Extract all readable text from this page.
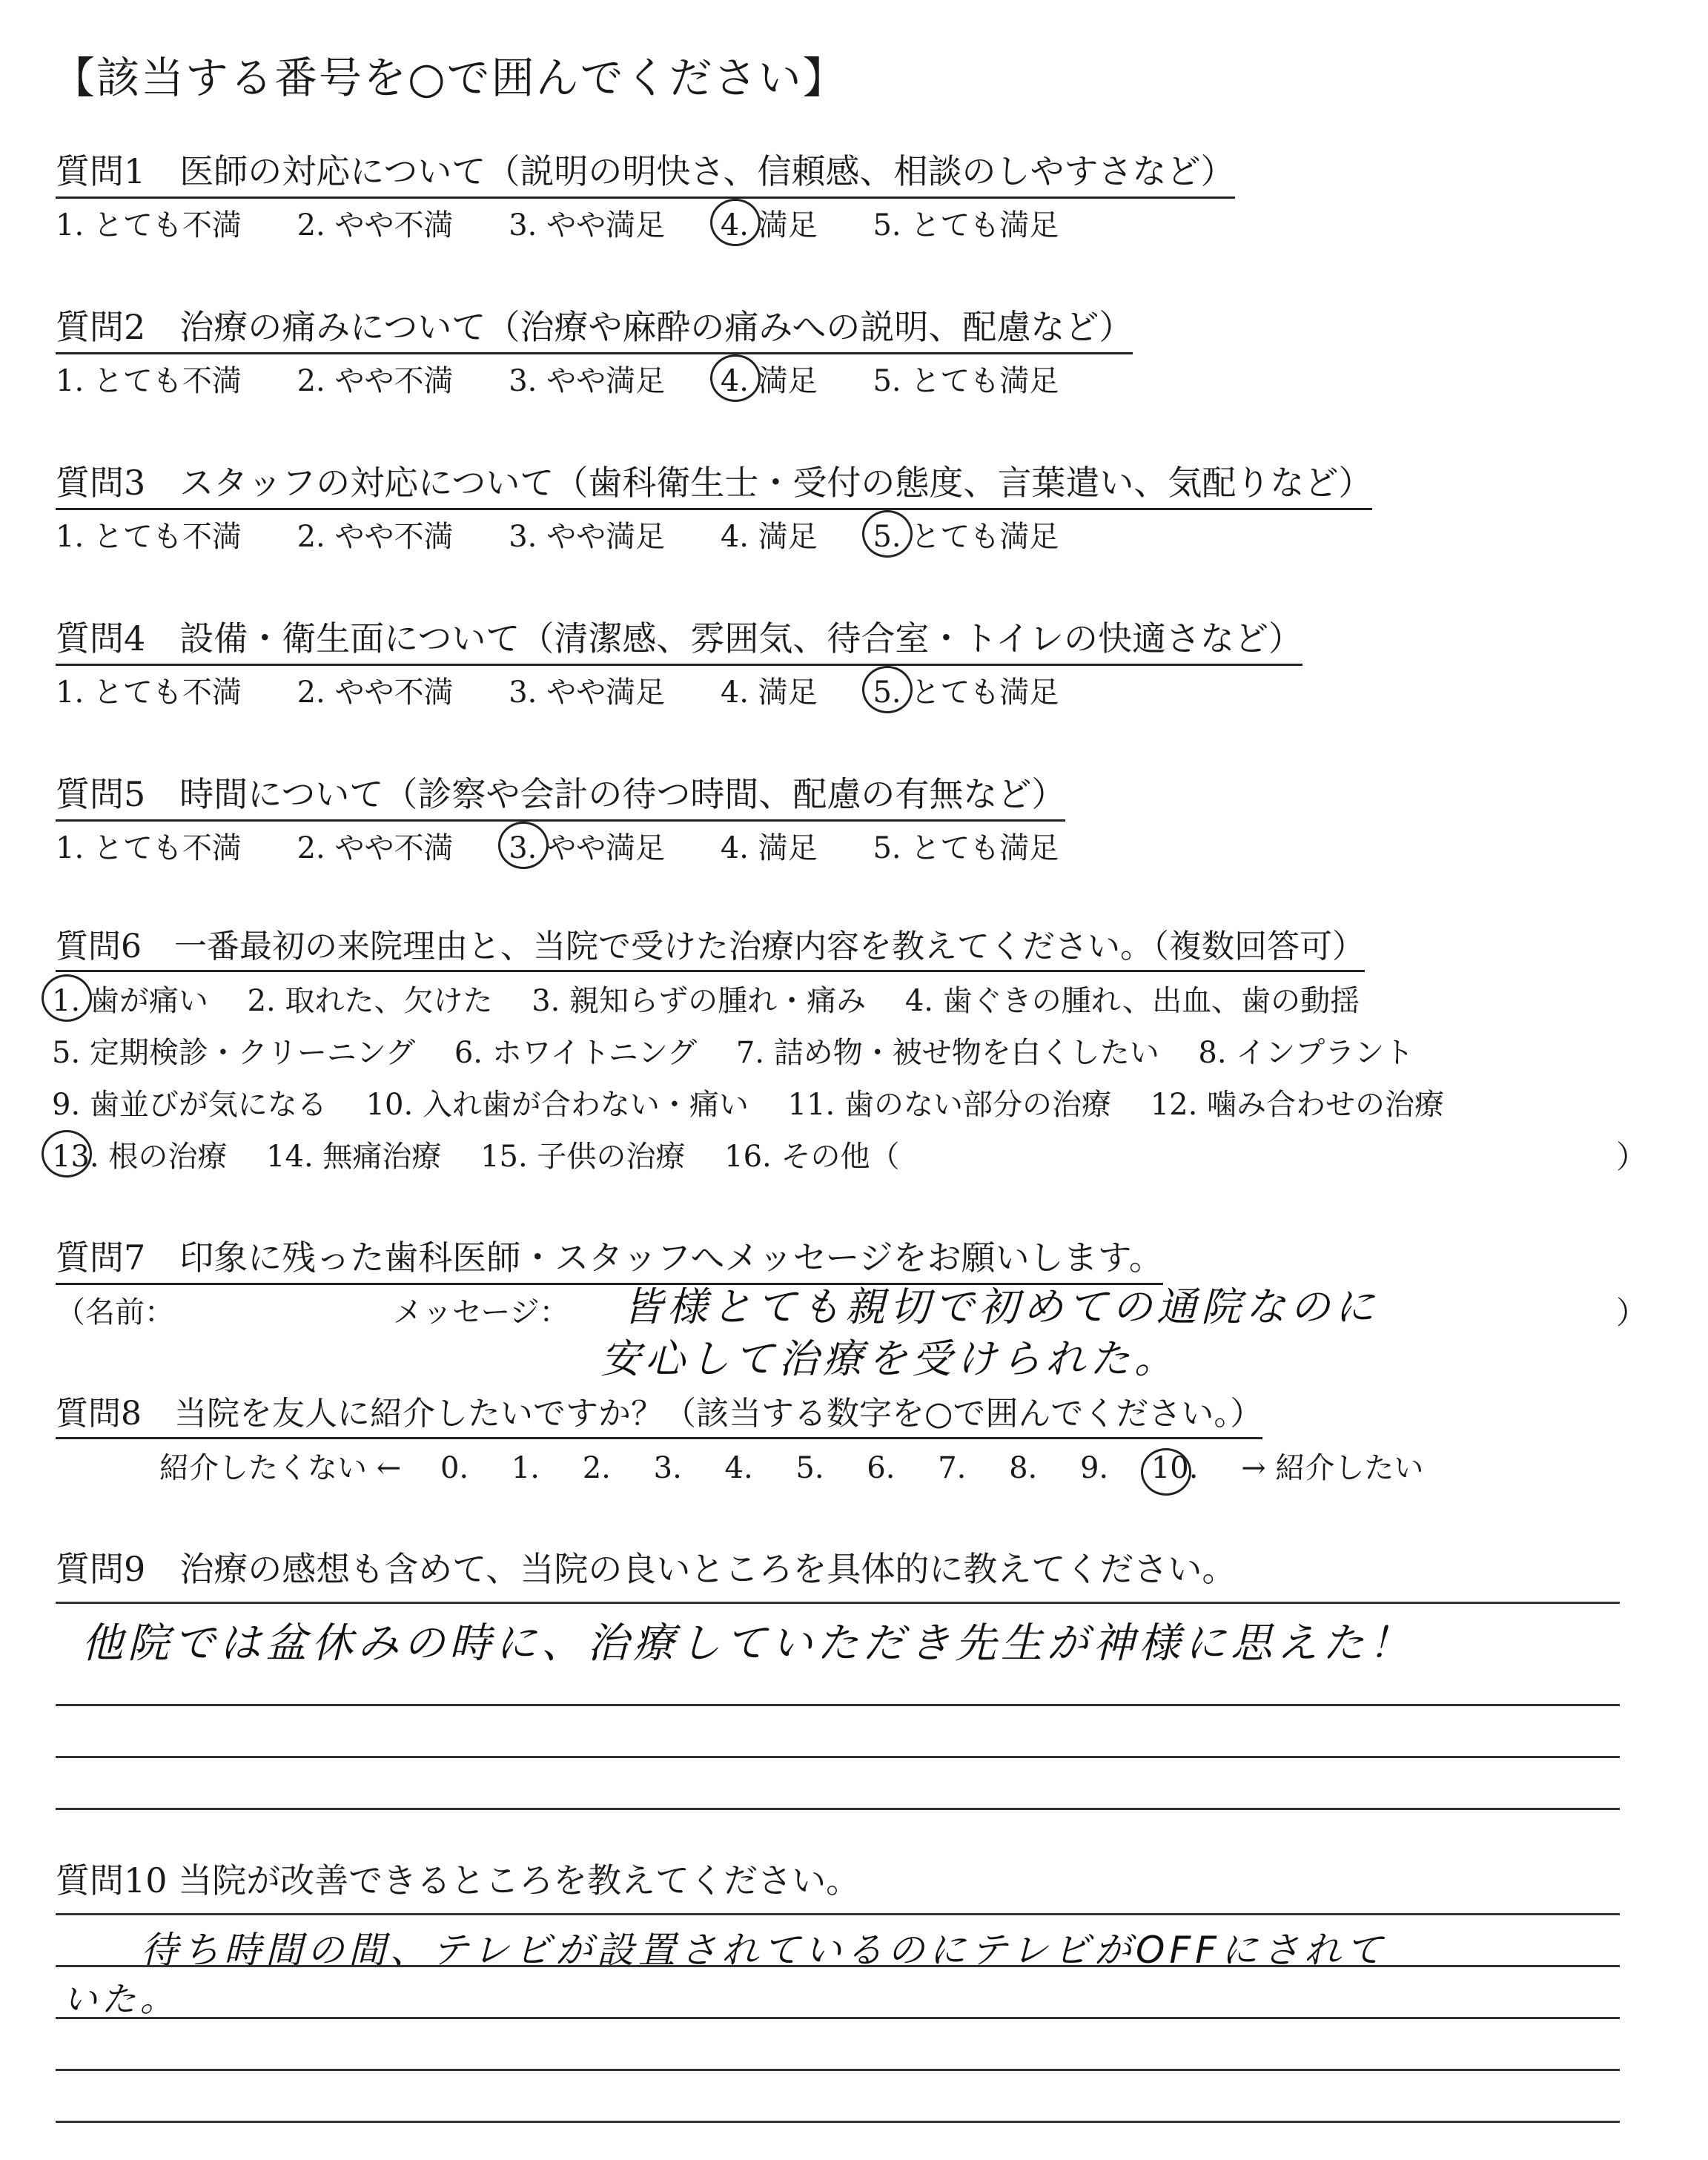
【該当する番号を○で囲んでください】
質問1　医師の対応について（説明の明快さ、信頼感、相談のしやすさなど）
1. とても不満 2. やや不満 3. やや満足 4. 満足 5. とても満足
質問2　治療の痛みについて（治療や麻酔の痛みへの説明、配慮など）
1. とても不満 2. やや不満 3. やや満足 4. 満足 5. とても満足
質問3　スタッフの対応について（歯科衛生士・受付の態度、言葉遣い、気配りなど）
1. とても不満 2. やや不満 3. やや満足 4. 満足 5. とても満足
質問4　設備・衛生面について（清潔感、雰囲気、待合室・トイレの快適さなど）
1. とても不満 2. やや不満 3. やや満足 4. 満足 5. とても満足
質問5　時間について（診察や会計の待つ時間、配慮の有無など）
1. とても不満 2. やや不満 3. やや満足 4. 満足 5. とても満足
質問6　一番最初の来院理由と、当院で受けた治療内容を教えてください。（複数回答可）
1. 歯が痛い 2. 取れた、欠けた 3. 親知らずの腫れ・痛み 4. 歯ぐきの腫れ、出血、歯の動揺
5. 定期検診・クリーニング 6. ホワイトニング 7. 詰め物・被せ物を白くしたい 8. インプラント
9. 歯並びが気になる 10. 入れ歯が合わない・痛い 11. 歯のない部分の治療 12. 噛み合わせの治療
13. 根の治療 14. 無痛治療 15. 子供の治療 16. その他（	）
質問7　印象に残った歯科医師・スタッフへメッセージをお願いします。
（名前：	メッセージ： 皆様とても親切で初めての通院なのに
安心して治療を受けられた。
）
質問8　当院を友人に紹介したいですか？（該当する数字を○で囲んでください。）
紹介したくない ← 0. 1. 2. 3. 4. 5. 6. 7. 8. 9. 10. → 紹介したい
質問9　治療の感想も含めて、当院の良いところを具体的に教えてください。
他院では盆休みの時に、治療していただき先生が神様に思えた！
質問10 当院が改善できるところを教えてください。
待ち時間の間、テレビが設置されているのにテレビがOFFにされて
いた。
